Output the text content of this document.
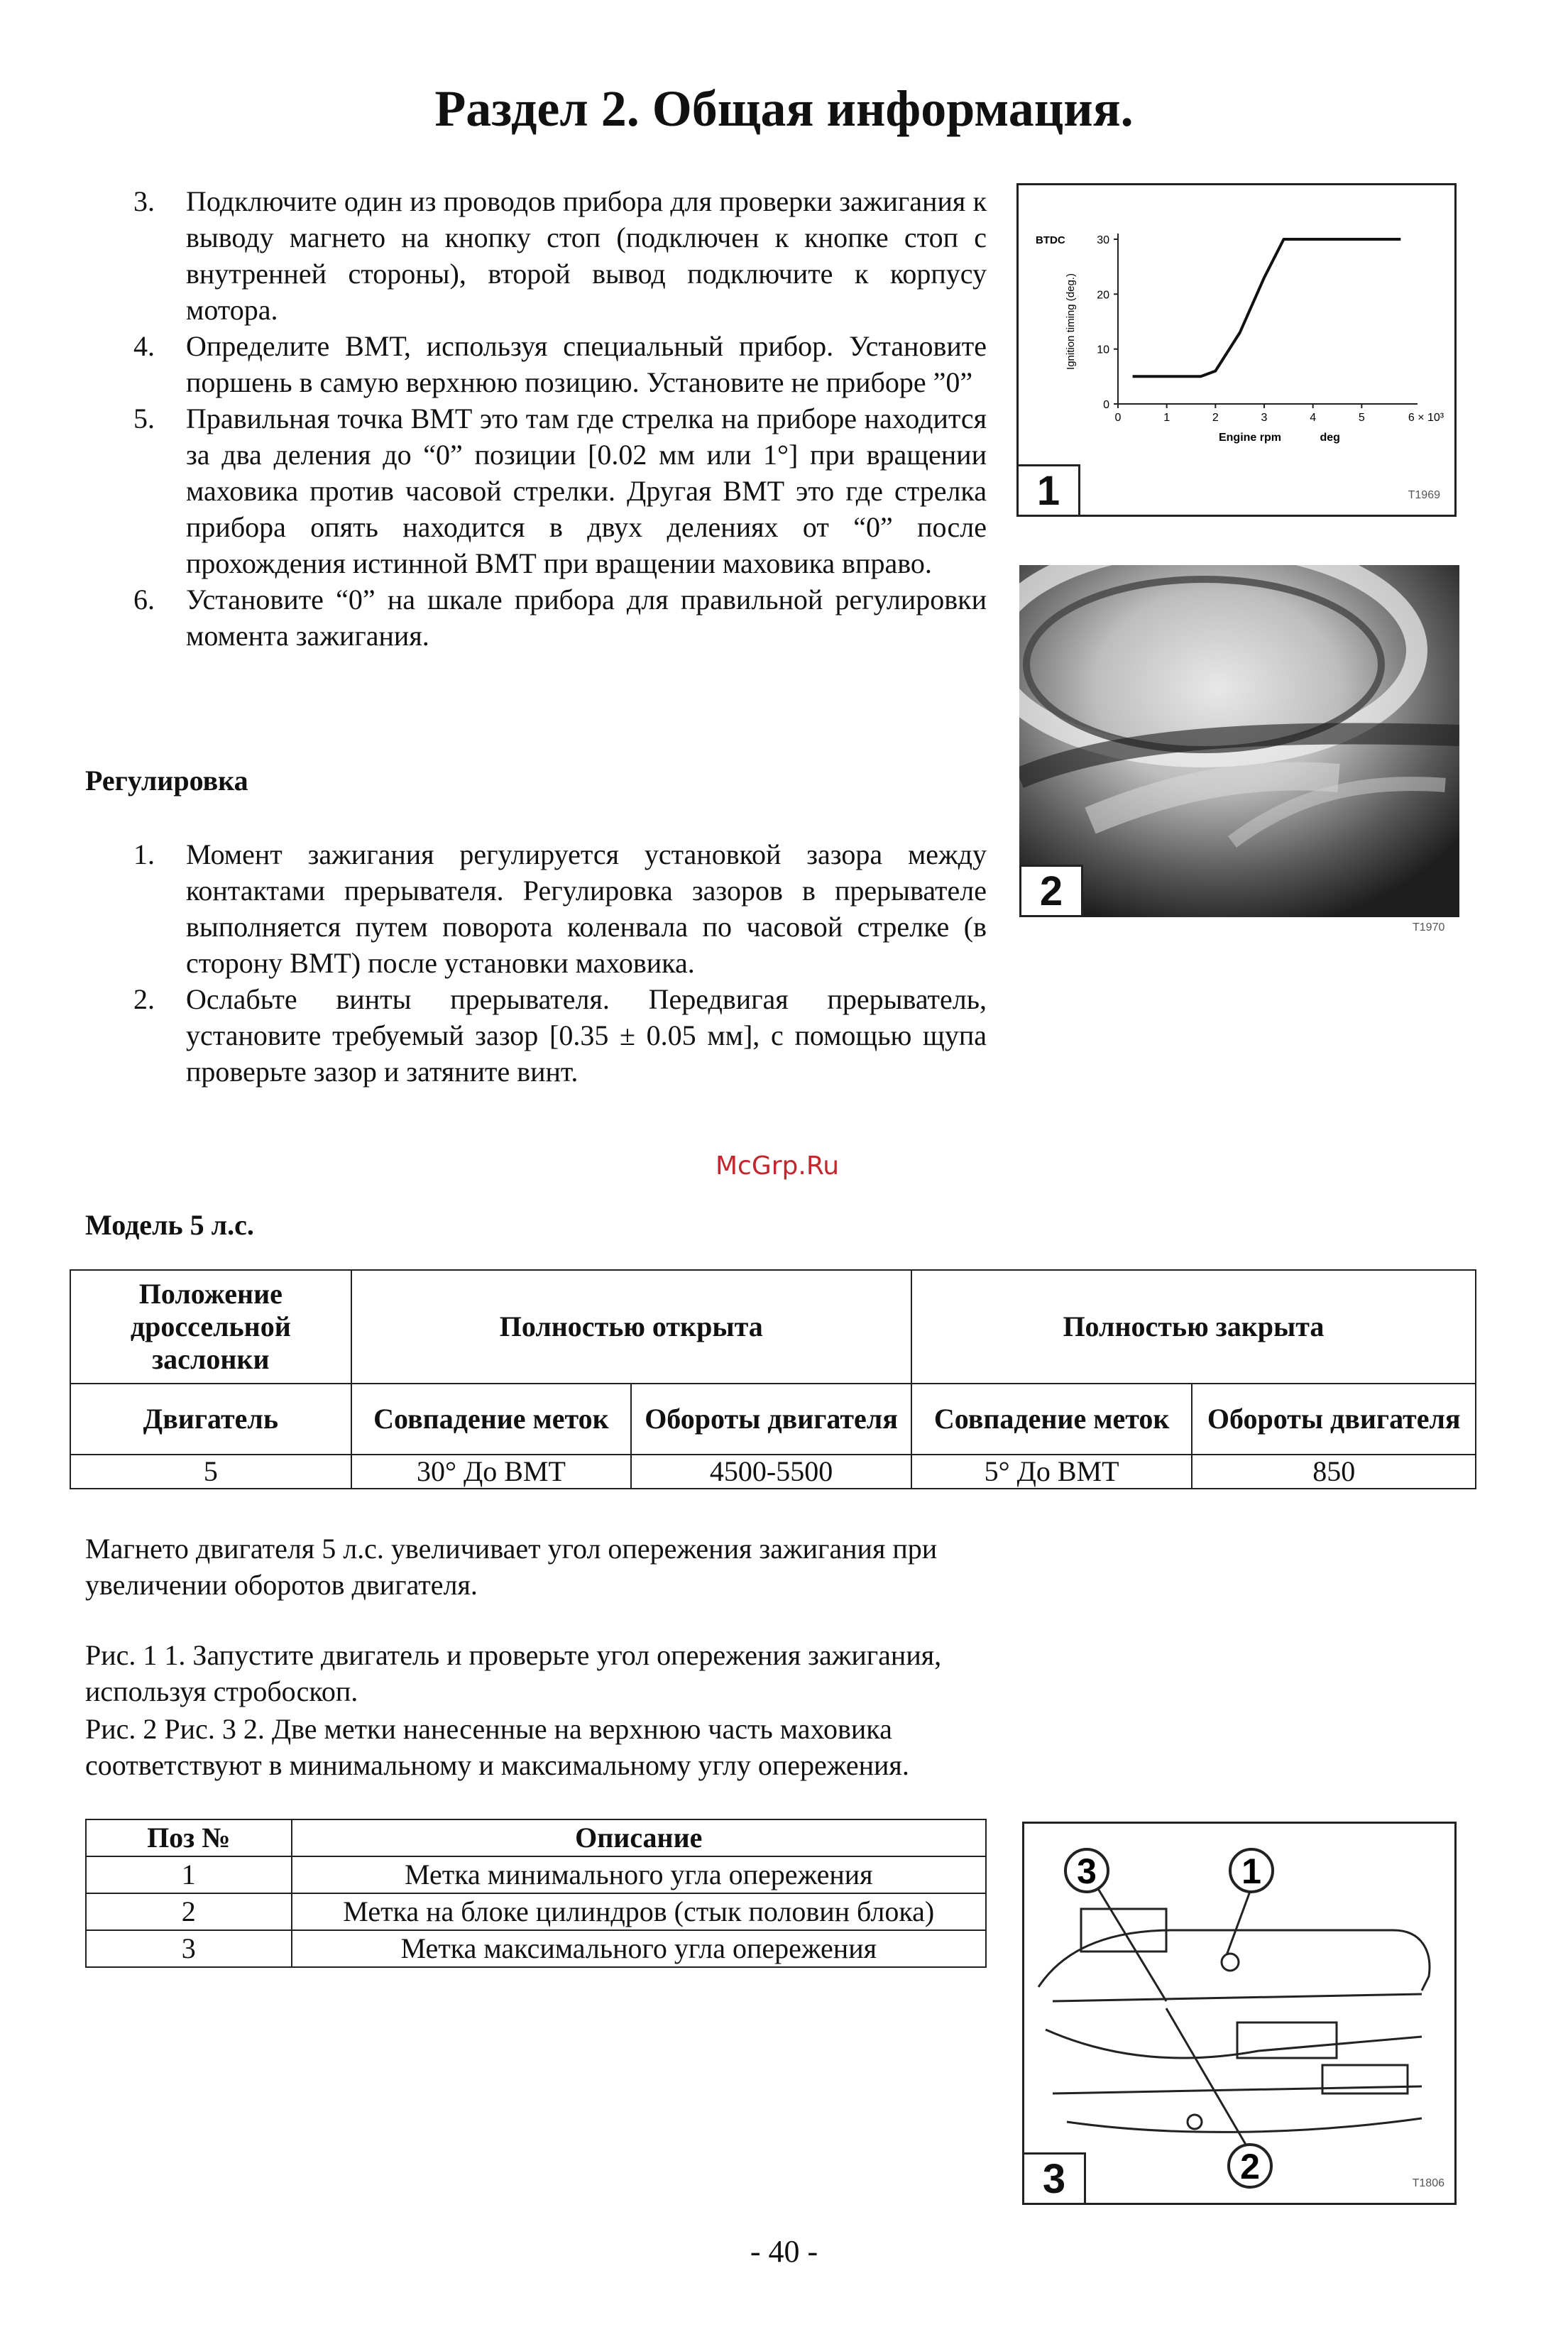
Раздел 2. Общая информация.
3.	Подключите один из проводов прибора для проверки зажигания к выводу магнето на кнопку стоп (подключен к кнопке стоп с внутренней стороны), второй вывод подключите к корпусу мотора.
4.	Определите ВМТ, используя специальный прибор. Установите поршень в самую верхнюю позицию. Установите не приборе ”0”
5.	Правильная точка ВМТ это там где стрелка на приборе находится за два деления до “0” позиции [0.02 мм или 1°] при вращении маховика против часовой стрелки. Другая ВМТ это где стрелка прибора опять находится в двух делениях от “0” после прохождения истинной ВМТ при вращении маховика вправо.
6.	Установите “0” на шкале прибора для правильной регулировки момента зажигания.
Регулировка
1.	Момент зажигания регулируется установкой зазора между контактами прерывателя. Регулировка зазоров в прерывателе выполняется путем поворота коленвала по часовой стрелке (в сторону ВМТ) после установки маховика.
2.	Ослабьте винты прерывателя. Передвигая прерыватель, установите требуемый зазор [0.35 ± 0.05 мм], с помощью щупа проверьте зазор и затяните винт.
McGrp.Ru
Модель 5 л.с.
Положение дроссельной заслонки	Полностью открыта		Полностью закрыта	
Двигатель	Совпадение меток	Обороты двигателя	Совпадение меток	Обороты двигателя
5	30° До ВМТ	4500-5500	5° До ВМТ	850
Магнето двигателя 5 л.с. увеличивает угол опережения зажигания при увеличении оборотов двигателя.
Рис. 1 1. Запустите двигатель и проверьте угол опережения зажигания, используя стробоскоп.
Рис. 2 Рис. 3 2. Две метки нанесенные на верхнюю часть маховика соответствуют в минимальному и максимальному углу опережения.
Поз №	Описание
1	Метка минимального угла опережения
2	Метка на блоке цилиндров (стык половин блока)
3	Метка максимального угла опережения
0
10
20
30
0	1	2	3	4	5	6 × 10³
BTDC
Ignition timing (deg.)
Engine rpm	deg
1	T1969
2
T1970
3	1
2
3	T1806
- 40 -
